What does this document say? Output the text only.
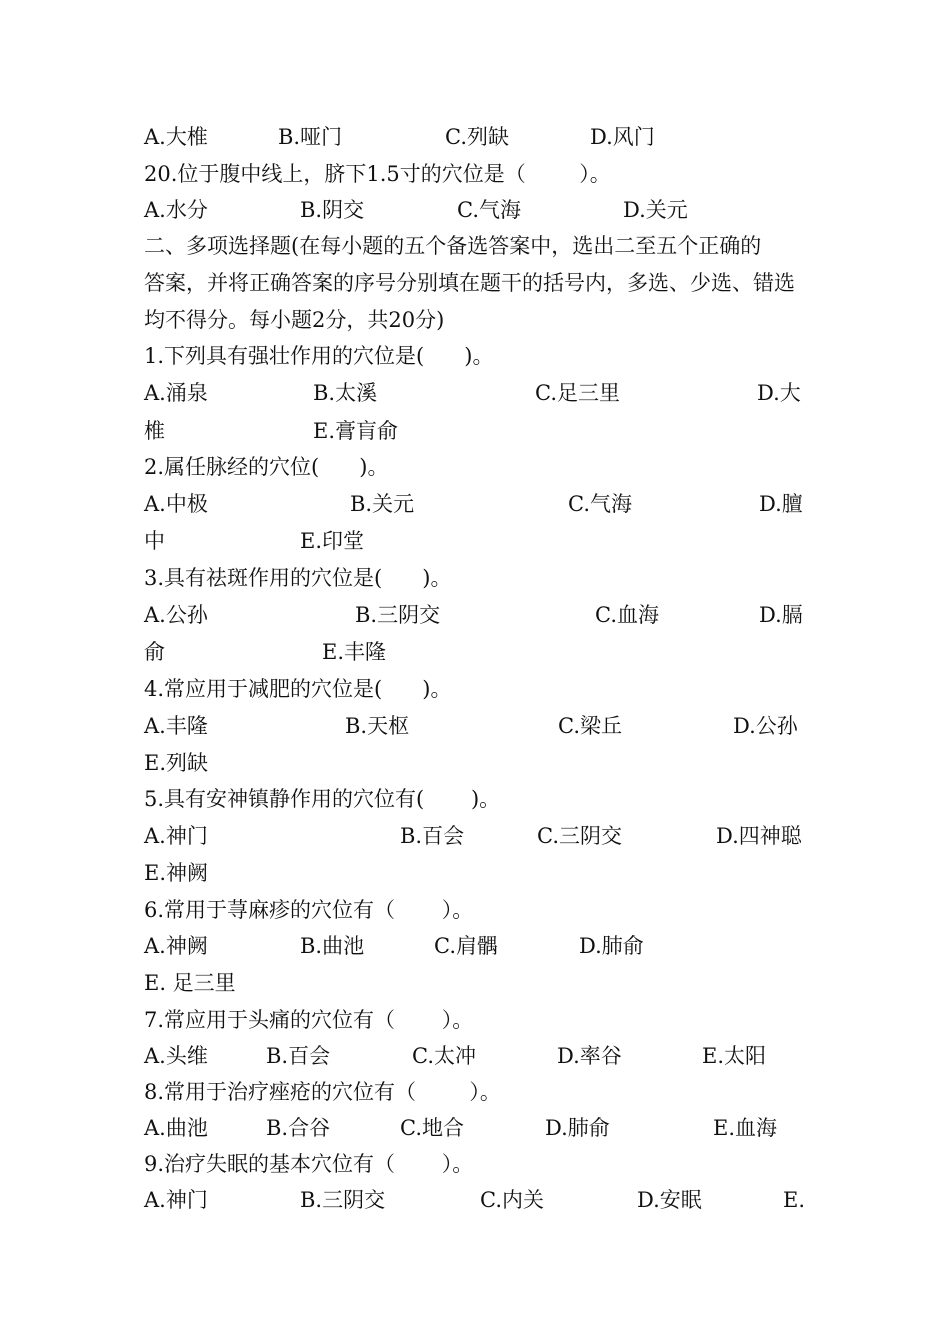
A.大椎	B.哑门	C.列缺	D.风门
20.位于腹中线上，脐下1.5寸的穴位是（        ）。
A.水分	B.阴交	C.气海	D.关元
二、多项选择题(在每小题的五个备选答案中，选出二至五个正确的
答案，并将正确答案的序号分别填在题干的括号内，多选、少选、错选
均不得分。每小题2分，共20分)
1.下列具有强壮作用的穴位是(      )。
A.涌泉	B.太溪	C.足三里	D.大
椎	E.膏肓俞
2.属任脉经的穴位(      )。
A.中极	B.关元	C.气海	D.膻
中	E.印堂
3.具有祛斑作用的穴位是(      )。
A.公孙	B.三阴交	C.血海	D.膈
俞	E.丰隆
4.常应用于减肥的穴位是(      )。
A.丰隆	B.天枢	C.梁丘	D.公孙
E.列缺
5.具有安神镇静作用的穴位有(       )。
A.神门	B.百会	C.三阴交	D.四神聪
E.神阙
6.常用于荨麻疹的穴位有（       ）。
A.神阙	B.曲池	C.肩髃	D.肺俞
E. 足三里
7.常应用于头痛的穴位有（       ）。
A.头维	B.百会	C.太冲	D.率谷	E.太阳
8.常用于治疗痤疮的穴位有（        ）。
A.曲池	B.合谷	C.地合	D.肺俞	E.血海
9.治疗失眠的基本穴位有（       ）。
A.神门	B.三阴交	C.内关	D.安眠	E.
